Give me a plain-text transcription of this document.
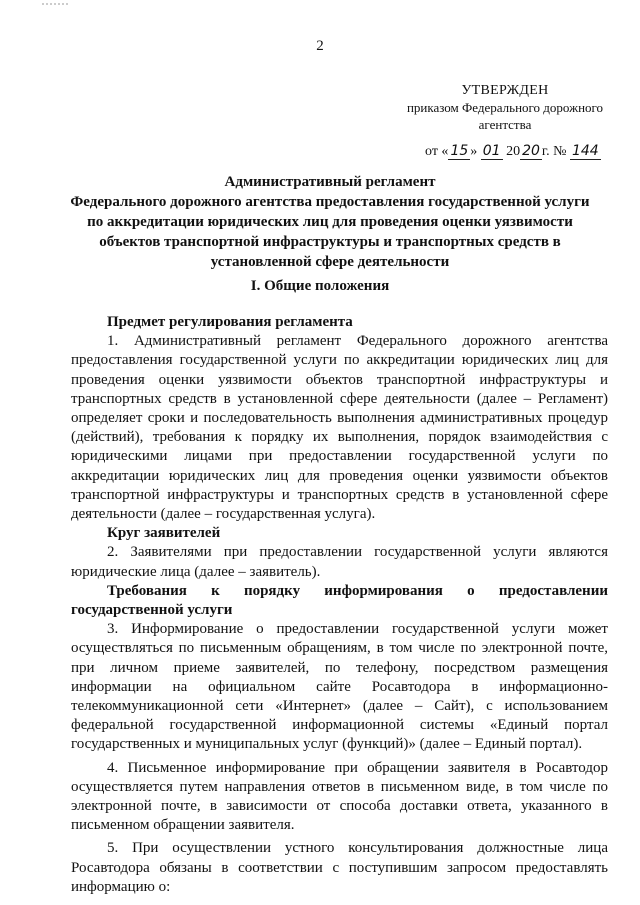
2
УТВЕРЖДЕН
приказом Федерального дорожного
агентства
от « 15 » 01 20 20 г. № 144
Административный регламент
Федерального дорожного агентства предоставления государственной услуги
по аккредитации юридических лиц для проведения оценки уязвимости
объектов транспортной инфраструктуры и транспортных средств в
установленной сфере деятельности
I. Общие положения

Предмет регулирования регламента

1. Административный регламент Федерального дорожного агентства предоставления государственной услуги по аккредитации юридических лиц для проведения оценки уязвимости объектов транспортной инфраструктуры и транспортных средств в установленной сфере деятельности (далее – Регламент) определяет сроки и последовательность выполнения административных процедур (действий), требования к порядку их выполнения, порядок взаимодействия с юридическими лицами при предоставлении государственной услуги по аккредитации юридических лиц для проведения оценки уязвимости объектов транспортной инфраструктуры и транспортных средств в установленной сфере деятельности (далее – государственная услуга).

Круг заявителей

2. Заявителями при предоставлении государственной услуги являются юридические лица (далее – заявитель).

Требования к порядку информирования о предоставлении государственной услуги

3. Информирование о предоставлении государственной услуги может осуществляться по письменным обращениям, в том числе по электронной почте, при личном приеме заявителей, по телефону, посредством размещения информации на официальном сайте Росавтодора в информационно-телекоммуникационной сети «Интернет» (далее – Сайт), с использованием федеральной государственной информационной системы «Единый портал государственных и муниципальных услуг (функций)» (далее – Единый портал).

4. Письменное информирование при обращении заявителя в Росавтодор осуществляется путем направления ответов в письменном виде, в том числе по электронной почте, в зависимости от способа доставки ответа, указанного в письменном обращении заявителя.

5. При осуществлении устного консультирования должностные лица Росавтодора обязаны в соответствии с поступившим запросом предоставлять информацию о:
